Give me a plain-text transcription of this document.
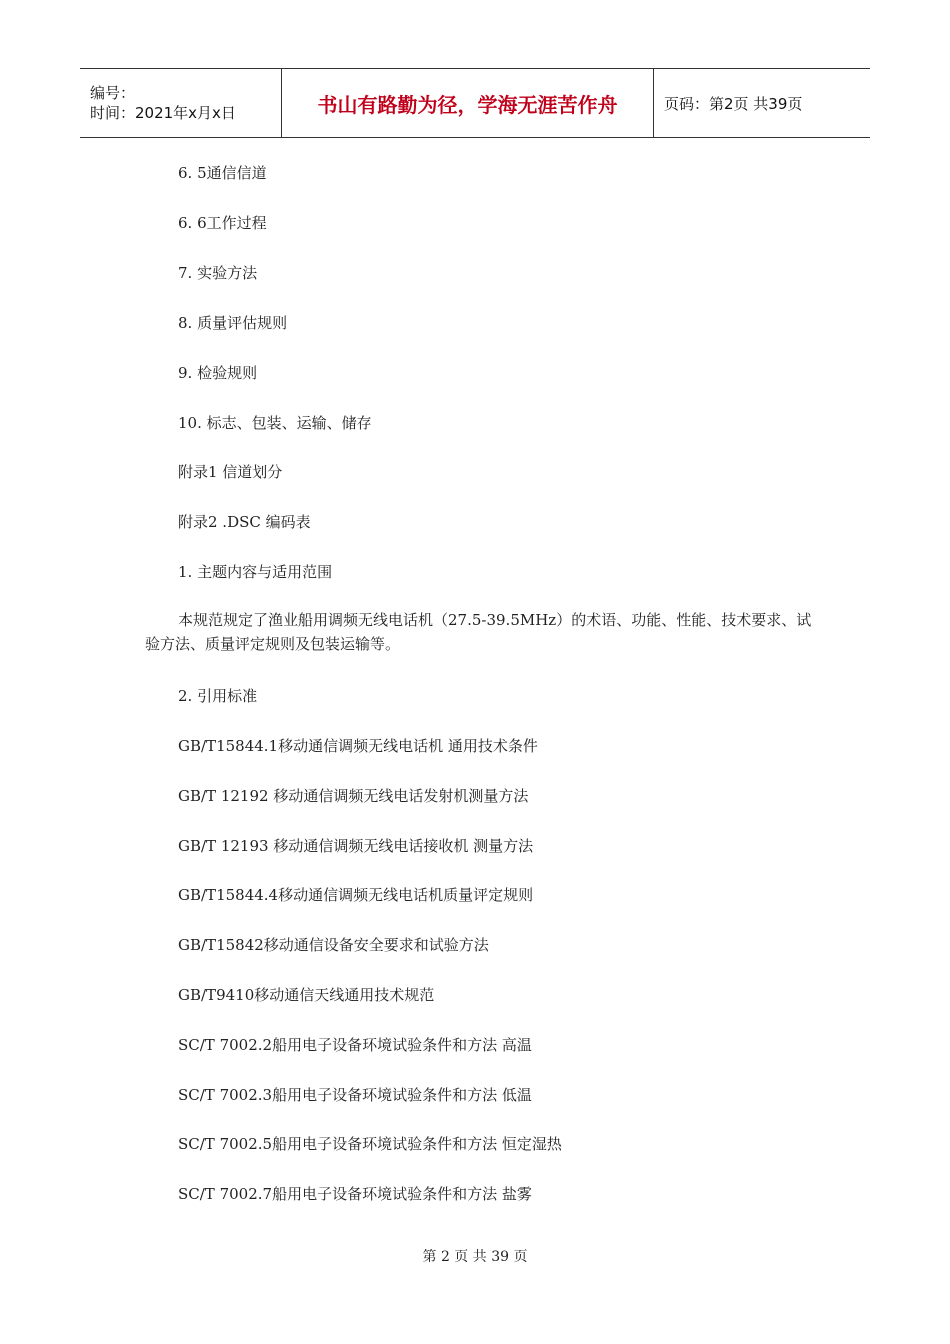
编号：
时间：2021年x月x日	书山有路勤为径，学海无涯苦作舟	页码：第2页 共39页
6. 5通信信道
6. 6工作过程
7. 实验方法
8. 质量评估规则
9. 检验规则
10. 标志、包装、运输、储存
附录1 信道划分
附录2 .DSC 编码表
1. 主题内容与适用范围
本规范规定了渔业船用调频无线电话机（27.5-39.5MHz）的术语、功能、性能、技术要求、试验方法、质量评定规则及包装运输等。
2. 引用标准
GB/T15844.1移动通信调频无线电话机 通用技术条件
GB/T 12192 移动通信调频无线电话发射机测量方法
GB/T 12193 移动通信调频无线电话接收机 测量方法
GB/T15844.4移动通信调频无线电话机质量评定规则
GB/T15842移动通信设备安全要求和试验方法
GB/T9410移动通信天线通用技术规范
SC/T 7002.2船用电子设备环境试验条件和方法 高温
SC/T 7002.3船用电子设备环境试验条件和方法 低温
SC/T 7002.5船用电子设备环境试验条件和方法 恒定湿热
SC/T 7002.7船用电子设备环境试验条件和方法 盐雾
第 2 页 共 39 页
